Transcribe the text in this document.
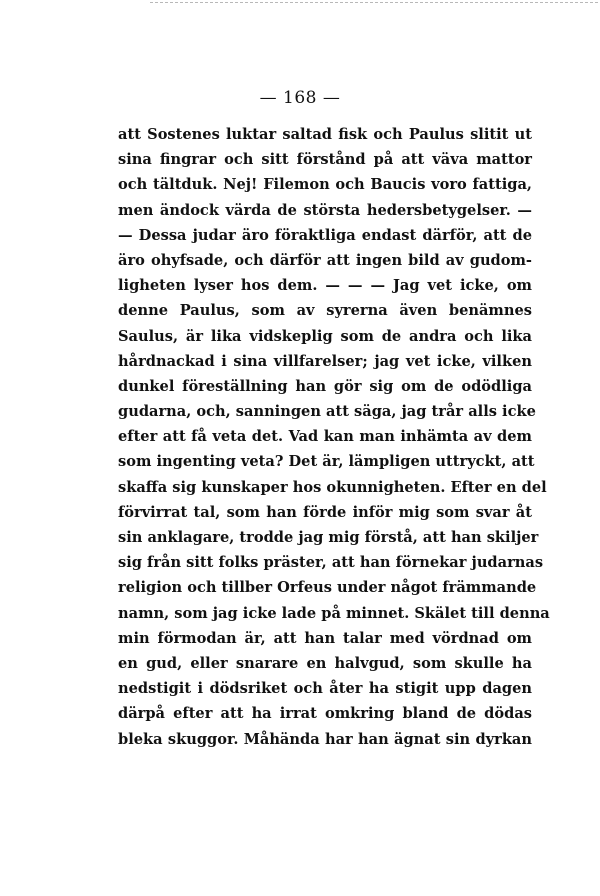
— 168 —
att Sostenes luktar saltad fisk och Paulus slitit ut
sina fingrar och sitt förstånd på att väva mattor
och tältduk. Nej! Filemon och Baucis voro fattiga,
men ändock värda de största hedersbetygelser. —
— Dessa judar äro föraktliga endast därför, att de
äro ohyfsade, och därför att ingen bild av gudom-
ligheten lyser hos dem. — — — Jag vet icke, om
denne Paulus, som av syrerna även benämnes
Saulus, är lika vidskeplig som de andra och lika
hårdnackad i sina villfarelser; jag vet icke, vilken
dunkel föreställning han gör sig om de odödliga
gudarna, och, sanningen att säga, jag trår alls icke
efter att få veta det. Vad kan man inhämta av dem
som ingenting veta? Det är, lämpligen uttryckt, att
skaffa sig kunskaper hos okunnigheten. Efter en del
förvirrat tal, som han förde inför mig som svar åt
sin anklagare, trodde jag mig förstå, att han skiljer
sig från sitt folks präster, att han förnekar judarnas
religion och tillber Orfeus under något främmande
namn, som jag icke lade på minnet. Skälet till denna
min förmodan är, att han talar med vördnad om
en gud, eller snarare en halvgud, som skulle ha
nedstigit i dödsriket och åter ha stigit upp dagen
därpå efter att ha irrat omkring bland de dödas
bleka skuggor. Måhända har han ägnat sin dyrkan
